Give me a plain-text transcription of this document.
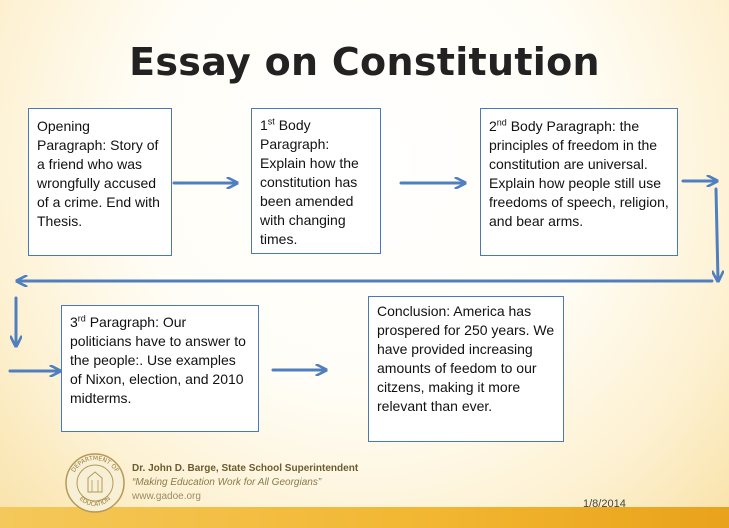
Essay on Constitution
Opening Paragraph: Story of a friend who was wrongfully accused of a crime. End with Thesis.
1st Body Paragraph: Explain how the constitution has been amended with changing times.
2nd Body Paragraph: the principles of freedom in the constitution are universal. Explain how people still use freedoms of speech, religion, and bear arms.
3rd Paragraph: Our politicians have to answer to the people:. Use examples of Nixon, election, and 2010 midterms.
Conclusion: America has prospered for 250 years. We have provided increasing amounts of feedom to our citzens, making it more relevant than ever.
DEPARTMENT OF
EDUCATION
Dr. John D. Barge, State School Superintendent
“Making Education Work for All Georgians”
www.gadoe.org
1/8/2014
